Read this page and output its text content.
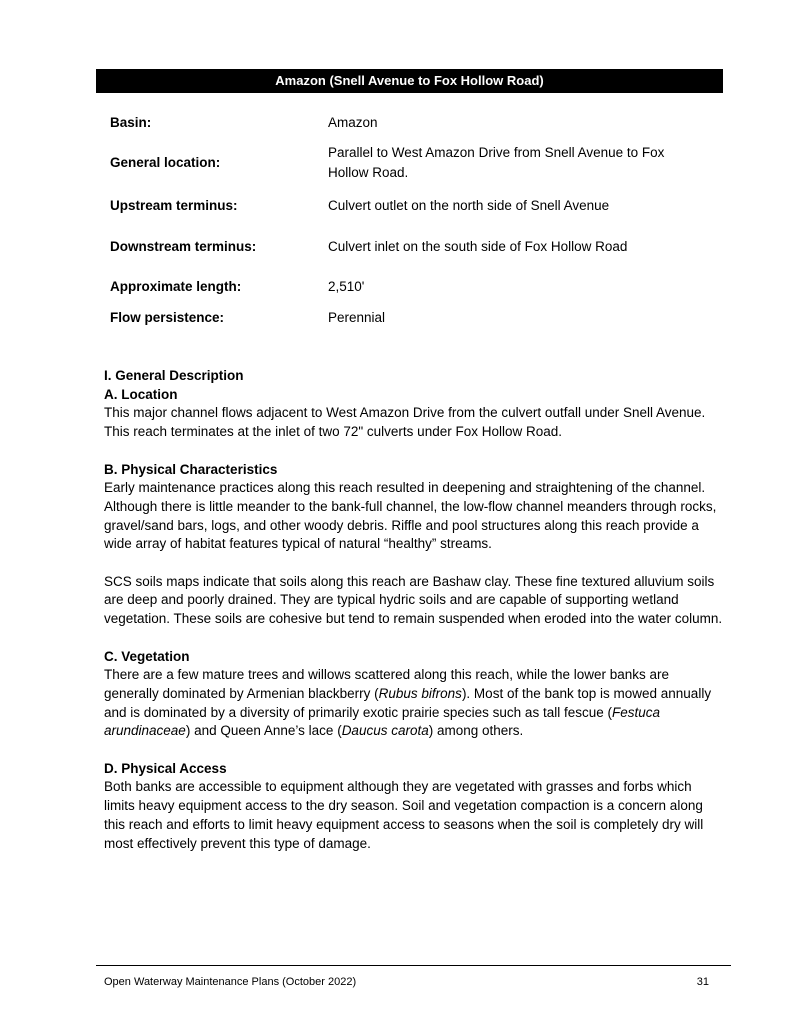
Amazon (Snell Avenue to Fox Hollow Road)
Basin:	Amazon
General location:
Parallel to West Amazon Drive from Snell Avenue to Fox Hollow Road.
Upstream terminus:	Culvert outlet on the north side of Snell Avenue
Downstream terminus:	Culvert inlet on the south side of Fox Hollow Road
Approximate length:	2,510'
Flow persistence:	Perennial

I. General Description

A. Location

This major channel flows adjacent to West Amazon Drive from the culvert outfall under Snell Avenue. This reach terminates at the inlet of two 72" culverts under Fox Hollow Road.

B. Physical Characteristics

Early maintenance practices along this reach resulted in deepening and straightening of the channel. Although there is little meander to the bank-full channel, the low-flow channel meanders through rocks, gravel/sand bars, logs, and other woody debris. Riffle and pool structures along this reach provide a wide array of habitat features typical of natural “healthy” streams.

SCS soils maps indicate that soils along this reach are Bashaw clay. These fine textured alluvium soils are deep and poorly drained. They are typical hydric soils and are capable of supporting wetland vegetation. These soils are cohesive but tend to remain suspended when eroded into the water column.

C. Vegetation

There are a few mature trees and willows scattered along this reach, while the lower banks are generally dominated by Armenian blackberry (Rubus bifrons). Most of the bank top is mowed annually and is dominated by a diversity of primarily exotic prairie species such as tall fescue (Festuca arundinaceae) and Queen Anne’s lace (Daucus carota) among others.

D. Physical Access

Both banks are accessible to equipment although they are vegetated with grasses and forbs which limits heavy equipment access to the dry season. Soil and vegetation compaction is a concern along this reach and efforts to limit heavy equipment access to seasons when the soil is completely dry will most effectively prevent this type of damage.

Open Waterway Maintenance Plans (October 2022)	31
